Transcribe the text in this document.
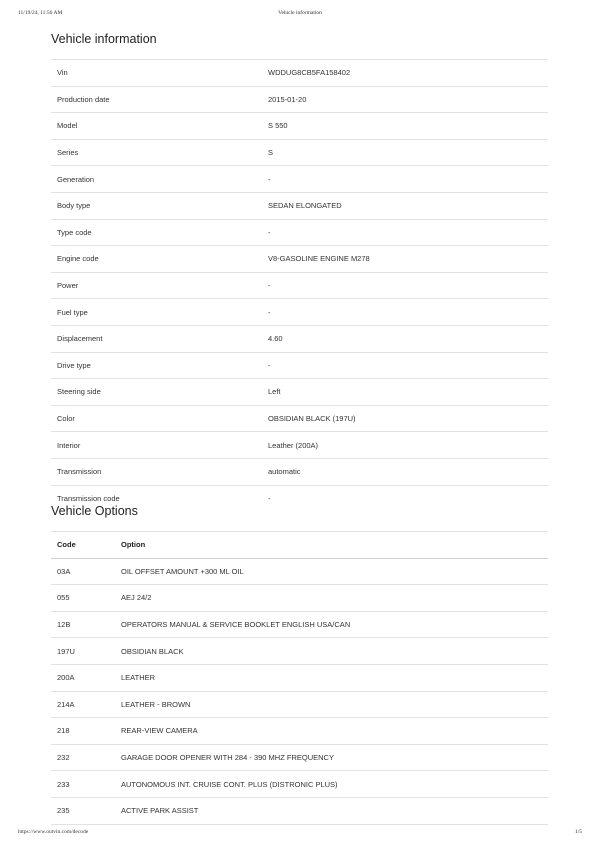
11/19/24, 11:56 AM	Vehicle information
Vehicle information
Vin	WDDUG8CB5FA158402
Production date	2015-01-20
Model	S 550
Series	S
Generation	-
Body type	SEDAN ELONGATED
Type code	-
Engine code	V8-GASOLINE ENGINE M278
Power	-
Fuel type	-
Displacement	4.60
Drive type	-
Steering side	Left
Color	OBSIDIAN BLACK (197U)
Interior	Leather (200A)
Transmission	automatic
Transmission code	-
Vehicle Options
Code	Option
03A	OIL OFFSET AMOUNT +300 ML OIL
055	AEJ 24/2
12B	OPERATORS MANUAL & SERVICE BOOKLET ENGLISH USA/CAN
197U	OBSIDIAN BLACK
200A	LEATHER
214A	LEATHER - BROWN
218	REAR-VIEW CAMERA
232	GARAGE DOOR OPENER WITH 284 - 390 MHZ FREQUENCY
233	AUTONOMOUS INT. CRUISE CONT. PLUS (DISTRONIC PLUS)
235	ACTIVE PARK ASSIST
https://www.outvin.com/decode	1/5
